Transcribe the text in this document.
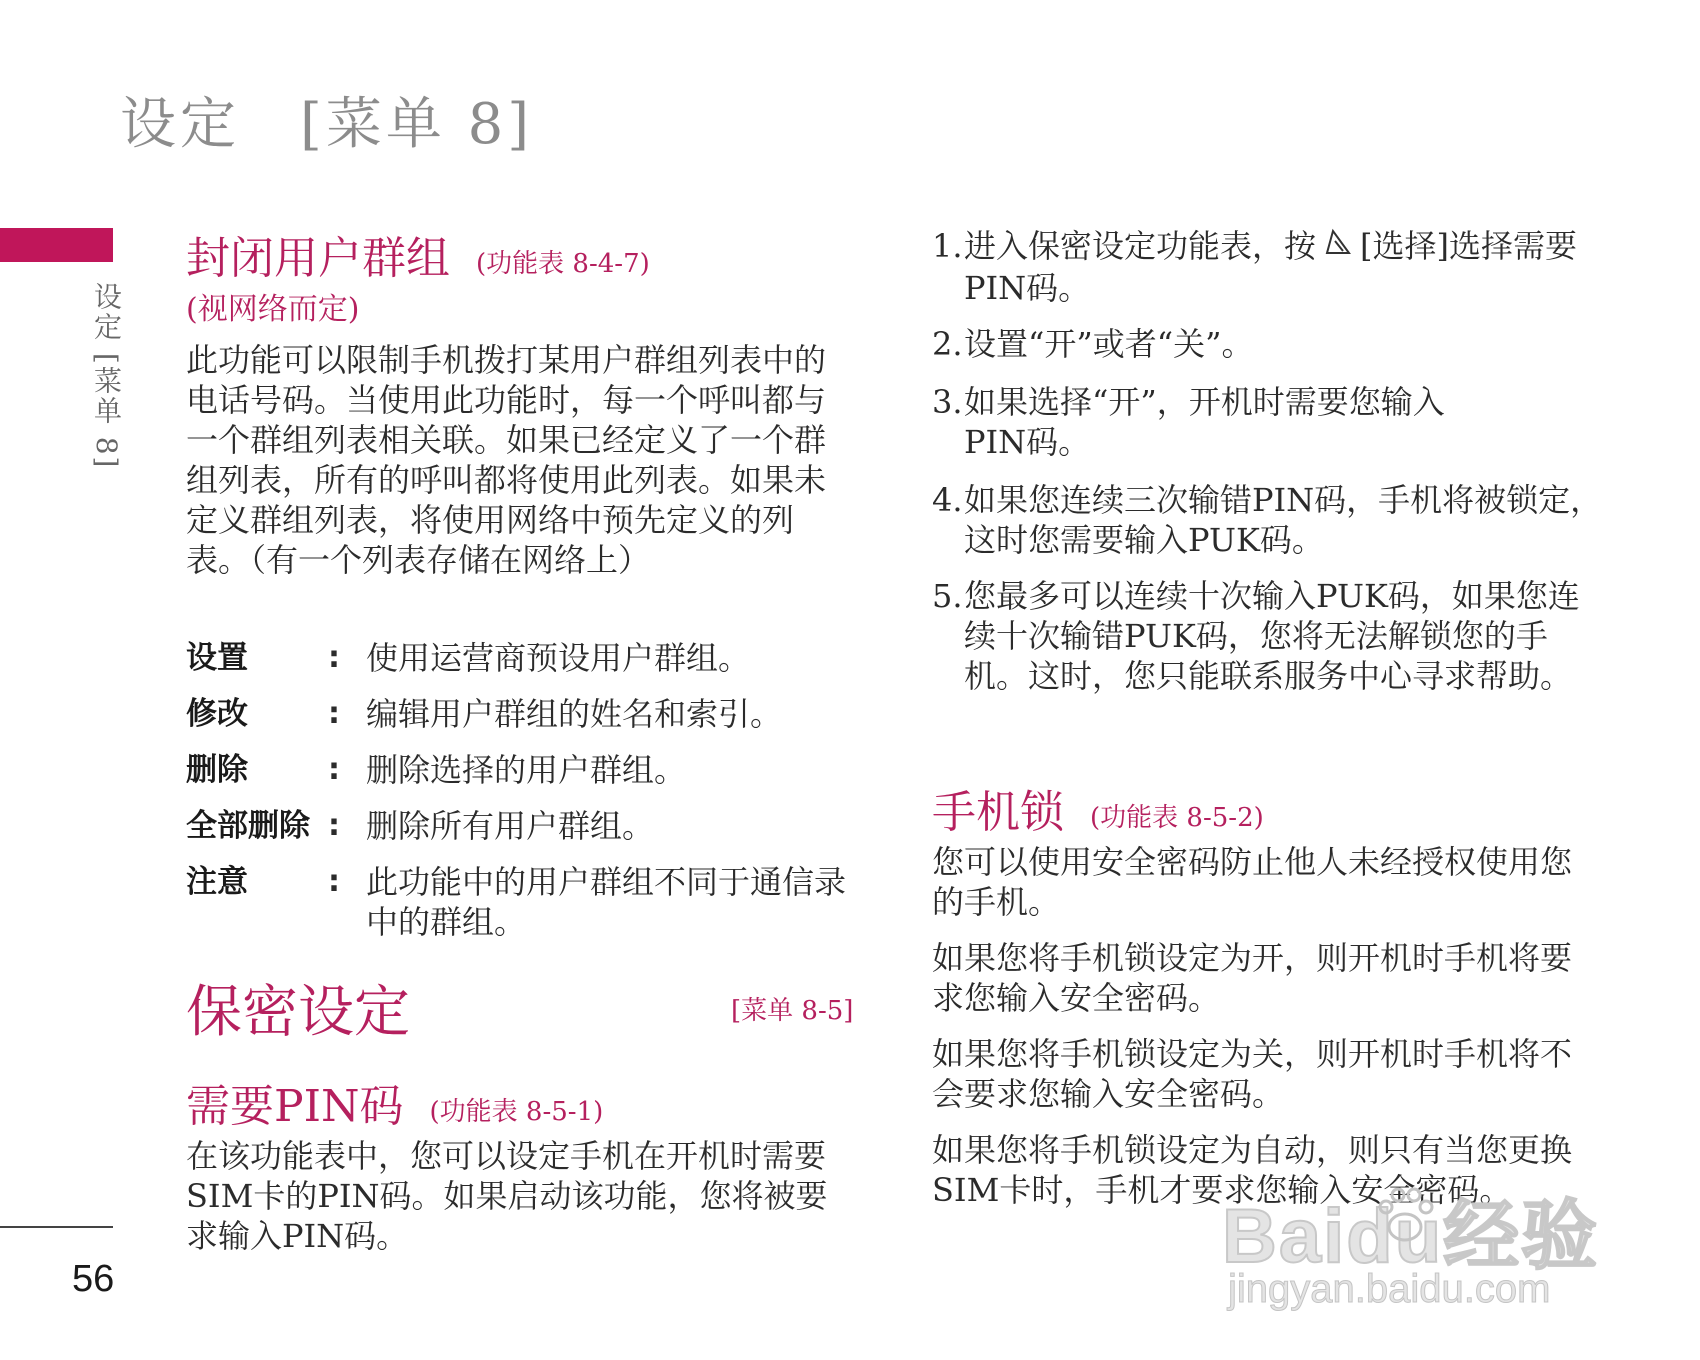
设定　[菜单 8]
设定 [菜单 8]
56
封闭用户群组 (功能表 8-4-7)
(视网络而定)

此功能可以限制手机拨打某用户群组列表中的电话号码。当使用此功能时，每一个呼叫都与一个群组列表相关联。如果已经定义了一个群组列表，所有的呼叫都将使用此列表。如果未定义群组列表，将使用网络中预先定义的列表。（有一个列表存储在网络上）

设置	: 使用运营商预设用户群组。
修改	: 编辑用户群组的姓名和索引。
删除	: 删除选择的用户群组。
全部删除 : 删除所有用户群组。
注意	: 此功能中的用户群组不同于通信录中的群组。
保密设定	[菜单 8-5]
需要PIN码 (功能表 8-5-1)

在该功能表中，您可以设定手机在开机时需要SIM卡的PIN码。如果启动该功能，您将被要求输入PIN码。

1. 进入保密设定功能表，按 [选择]选择需要PIN码。
2. 设置“开”或者“关”。
3. 如果选择“开”，开机时需要您输入PIN码。
4. 如果您连续三次输错PIN码，手机将被锁定，这时您需要输入PUK码。
5. 您最多可以连续十次输入PUK码，如果您连续十次输错PUK码，您将无法解锁您的手机。这时，您只能联系服务中心寻求帮助。
手机锁 (功能表 8-5-2)

您可以使用安全密码防止他人未经授权使用您的手机。

如果您将手机锁设定为开，则开机时手机将要求您输入安全密码。

如果您将手机锁设定为关，则开机时手机将不会要求您输入安全密码。

如果您将手机锁设定为自动，则只有当您更换SIM卡时，手机才要求您输入安全密码。

Baidu经验
jingyan.baidu.com
